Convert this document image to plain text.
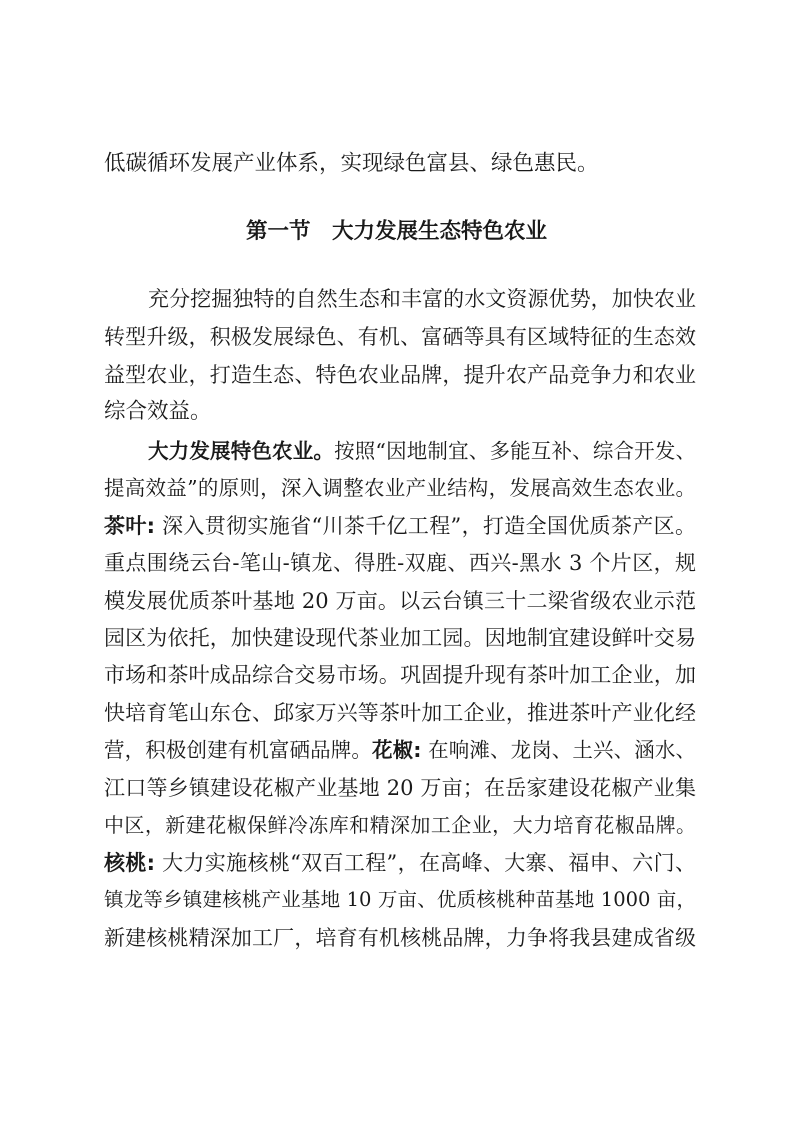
低碳循环发展产业体系，实现绿色富县、绿色惠民。
第一节　大力发展生态特色农业
充分挖掘独特的自然生态和丰富的水文资源优势，加快农业
转型升级，积极发展绿色、有机、富硒等具有区域特征的生态效
益型农业，打造生态、特色农业品牌，提升农产品竞争力和农业
综合效益。
大力发展特色农业。按照“因地制宜、多能互补、综合开发、
提高效益”的原则，深入调整农业产业结构，发展高效生态农业。
茶叶: 深入贯彻实施省“川茶千亿工程”，打造全国优质茶产区。
重点围绕云台-笔山-镇龙、得胜-双鹿、西兴-黑水 3 个片区，规
模发展优质茶叶基地 20 万亩。以云台镇三十二梁省级农业示范
园区为依托，加快建设现代茶业加工园。因地制宜建设鲜叶交易
市场和茶叶成品综合交易市场。巩固提升现有茶叶加工企业，加
快培育笔山东仓、邱家万兴等茶叶加工企业，推进茶叶产业化经
营，积极创建有机富硒品牌。花椒: 在响滩、龙岗、土兴、涵水、
江口等乡镇建设花椒产业基地 20 万亩；在岳家建设花椒产业集
中区，新建花椒保鲜冷冻库和精深加工企业，大力培育花椒品牌。
核桃: 大力实施核桃“双百工程”，在高峰、大寨、福申、六门、
镇龙等乡镇建核桃产业基地 10 万亩、优质核桃种苗基地 1000 亩，
新建核桃精深加工厂，培育有机核桃品牌，力争将我县建成省级
